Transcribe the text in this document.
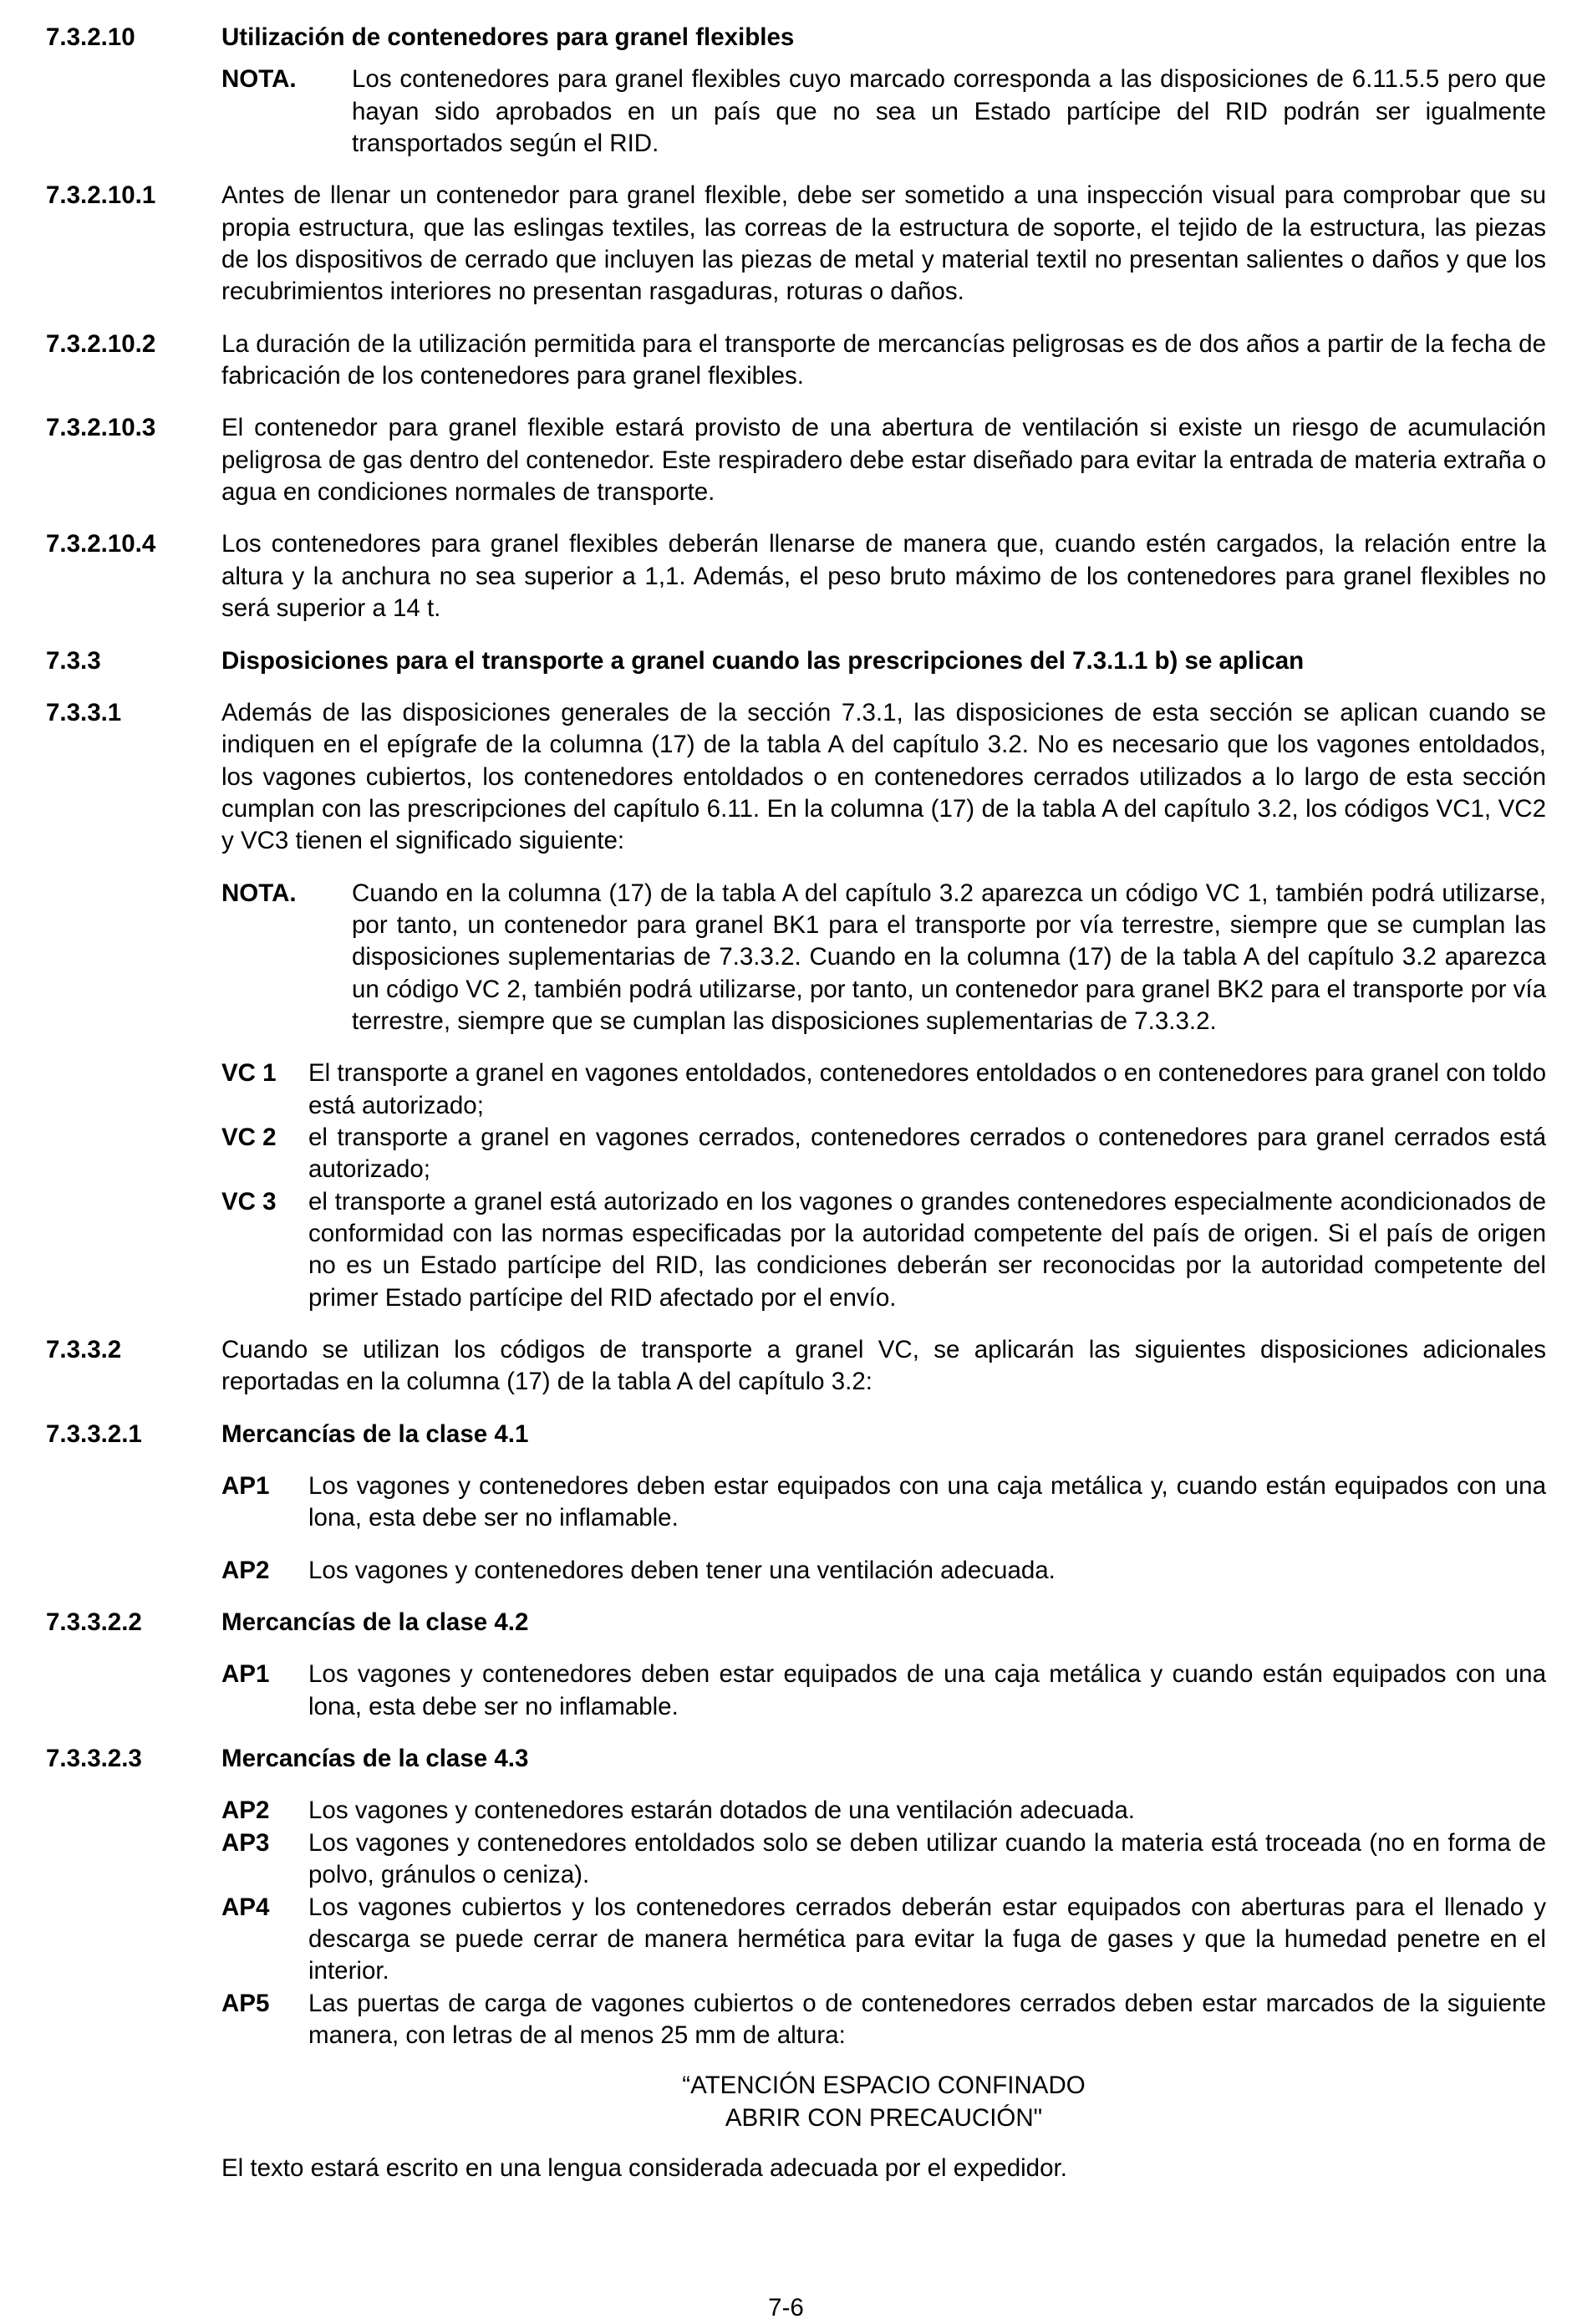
7.3.2.10	Utilización de contenedores para granel flexibles
NOTA.	Los contenedores para granel flexibles cuyo marcado corresponda a las disposiciones de 6.11.5.5 pero que hayan sido aprobados en un país que no sea un Estado partícipe del RID podrán ser igualmente transportados según el RID.
7.3.2.10.1	Antes de llenar un contenedor para granel flexible, debe ser sometido a una inspección visual para comprobar que su propia estructura, que las eslingas textiles, las correas de la estructura de soporte, el tejido de la estructura, las piezas de los dispositivos de cerrado que incluyen las piezas de metal y material textil no presentan salientes o daños y que los recubrimientos interiores no presentan rasgaduras, roturas o daños.
7.3.2.10.2	La duración de la utilización permitida para el transporte de mercancías peligrosas es de dos años a partir de la fecha de fabricación de los contenedores para granel flexibles.
7.3.2.10.3	El contenedor para granel flexible estará provisto de una abertura de ventilación si existe un riesgo de acumulación peligrosa de gas dentro del contenedor. Este respiradero debe estar diseñado para evitar la entrada de materia extraña o agua en condiciones normales de transporte.
7.3.2.10.4	Los contenedores para granel flexibles deberán llenarse de manera que, cuando estén cargados, la relación entre la altura y la anchura no sea superior a 1,1. Además, el peso bruto máximo de los contenedores para granel flexibles no será superior a 14 t.
7.3.3	Disposiciones para el transporte a granel cuando las prescripciones del 7.3.1.1 b) se aplican
7.3.3.1	Además de las disposiciones generales de la sección 7.3.1, las disposiciones de esta sección se aplican cuando se indiquen en el epígrafe de la columna (17) de la tabla A del capítulo 3.2. No es necesario que los vagones entoldados, los vagones cubiertos, los contenedores entoldados o en contenedores cerrados utilizados a lo largo de esta sección cumplan con las prescripciones del capítulo 6.11. En la columna (17) de la tabla A del capítulo 3.2, los códigos VC1, VC2 y VC3 tienen el significado siguiente:
NOTA.	Cuando en la columna (17) de la tabla A del capítulo 3.2 aparezca un código VC 1, también podrá utilizarse, por tanto, un contenedor para granel BK1 para el transporte por vía terrestre, siempre que se cumplan las disposiciones suplementarias de 7.3.3.2. Cuando en la columna (17) de la tabla A del capítulo 3.2 aparezca un código VC 2, también podrá utilizarse, por tanto, un contenedor para granel BK2 para el transporte por vía terrestre, siempre que se cumplan las disposiciones suplementarias de 7.3.3.2.
VC 1	El transporte a granel en vagones entoldados, contenedores entoldados o en contenedores para granel con toldo está autorizado;
VC 2	el transporte a granel en vagones cerrados, contenedores cerrados o contenedores para granel cerrados está autorizado;
VC 3	el transporte a granel está autorizado en los vagones o grandes contenedores especialmente acondicionados de conformidad con las normas especificadas por la autoridad competente del país de origen. Si el país de origen no es un Estado partícipe del RID, las condiciones deberán ser reconocidas por la autoridad competente del primer Estado partícipe del RID afectado por el envío.
7.3.3.2	Cuando se utilizan los códigos de transporte a granel VC, se aplicarán las siguientes disposiciones adicionales reportadas en la columna (17) de la tabla A del capítulo 3.2:
7.3.3.2.1	Mercancías de la clase 4.1
AP1	Los vagones y contenedores deben estar equipados con una caja metálica y, cuando están equipados con una lona, esta debe ser no inflamable.
AP2	Los vagones y contenedores deben tener una ventilación adecuada.
7.3.3.2.2	Mercancías de la clase 4.2
AP1	Los vagones y contenedores deben estar equipados de una caja metálica y cuando están equipados con una lona, esta debe ser no inflamable.
7.3.3.2.3	Mercancías de la clase 4.3
AP2	Los vagones y contenedores estarán dotados de una ventilación adecuada.
AP3	Los vagones y contenedores entoldados solo se deben utilizar cuando la materia está troceada (no en forma de polvo, gránulos o ceniza).
AP4	Los vagones cubiertos y los contenedores cerrados deberán estar equipados con aberturas para el llenado y descarga se puede cerrar de manera hermética para evitar la fuga de gases y que la humedad penetre en el interior.
AP5	Las puertas de carga de vagones cubiertos o de contenedores cerrados deben estar marcados de la siguiente manera, con letras de al menos 25 mm de altura:
“ATENCIÓN ESPACIO CONFINADO
ABRIR CON PRECAUCIÓN"
El texto estará escrito en una lengua considerada adecuada por el expedidor.
7-6
